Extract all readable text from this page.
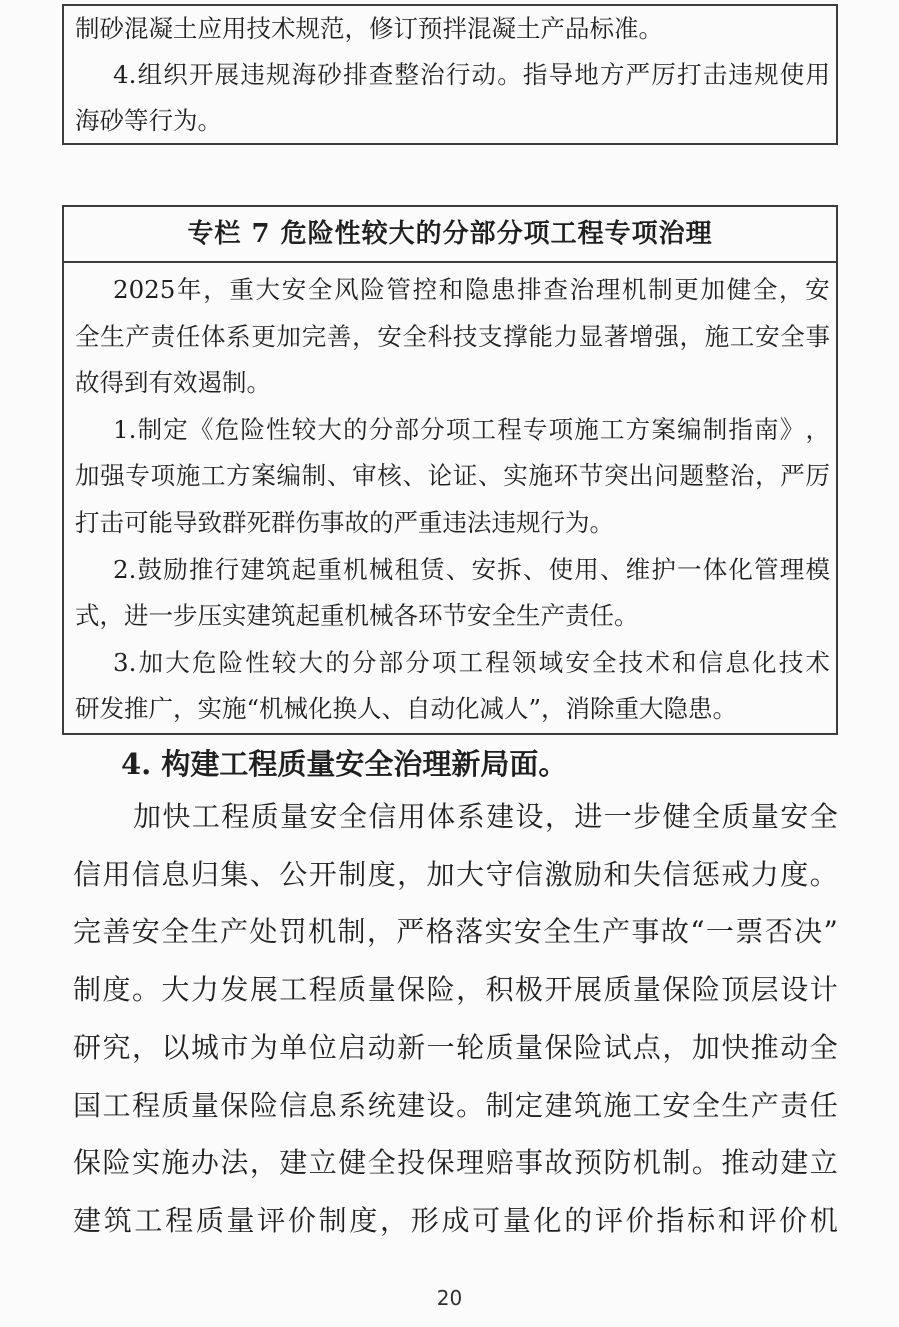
制砂混凝土应用技术规范，修订预拌混凝土产品标准。
4. 组 织 开 展 违 规 海 砂 排 查 整 治 行 动 。 指 导 地 方 严 厉 打 击 违 规 使 用
海砂等行为。
专栏 7 危险性较大的分部分项工程专项治理
2025 年 ， 重 大 安 全 风 险 管 控 和 隐 患 排 查 治 理 机 制 更 加 健 全 ， 安
全 生 产 责 任 体 系 更 加 完 善 ， 安 全 科 技 支 撑 能 力 显 著 增 强 ， 施 工 安 全 事
故得到有效遏制。
1. 制 定 《 危 险 性 较 大 的 分 部 分 项 工 程 专 项 施 工 方 案 编 制 指 南 》 ，
加 强 专 项 施 工 方 案 编 制 、 审 核 、 论 证 、 实 施 环 节 突 出 问 题 整 治 ， 严 厉
打击可能导致群死群伤事故的严重违法违规行为。
2. 鼓 励 推 行 建 筑 起 重 机 械 租 赁 、 安 拆 、 使 用 、 维 护 一 体 化 管 理 模
式，进一步压实建筑起重机械各环节安全生产责任。
3. 加 大 危 险 性 较 大 的 分 部 分 项 工 程 领 域 安 全 技 术 和 信 息 化 技 术
研发推广，实施“机械化换人、自动化减人”，消除重大隐患。
4. 构建工程质量安全治理新局面。
加 快 工 程 质 量 安 全 信 用 体 系 建 设 ， 进 一 步 健 全 质 量 安 全
信 用 信 息 归 集 、 公 开 制 度 ， 加 大 守 信 激 励 和 失 信 惩 戒 力 度 。
完 善 安 全 生 产 处 罚 机 制 ， 严 格 落 实 安 全 生 产 事 故 “ 一 票 否 决 ”
制 度 。 大 力 发 展 工 程 质 量 保 险 ， 积 极 开 展 质 量 保 险 顶 层 设 计
研 究 ， 以 城 市 为 单 位 启 动 新 一 轮 质 量 保 险 试 点 ， 加 快 推 动 全
国 工 程 质 量 保 险 信 息 系 统 建 设 。 制 定 建 筑 施 工 安 全 生 产 责 任
保 险 实 施 办 法 ， 建 立 健 全 投 保 理 赔 事 故 预 防 机 制 。 推 动 建 立
建 筑 工 程 质 量 评 价 制 度 ， 形 成 可 量 化 的 评 价 指 标 和 评 价 机
20
